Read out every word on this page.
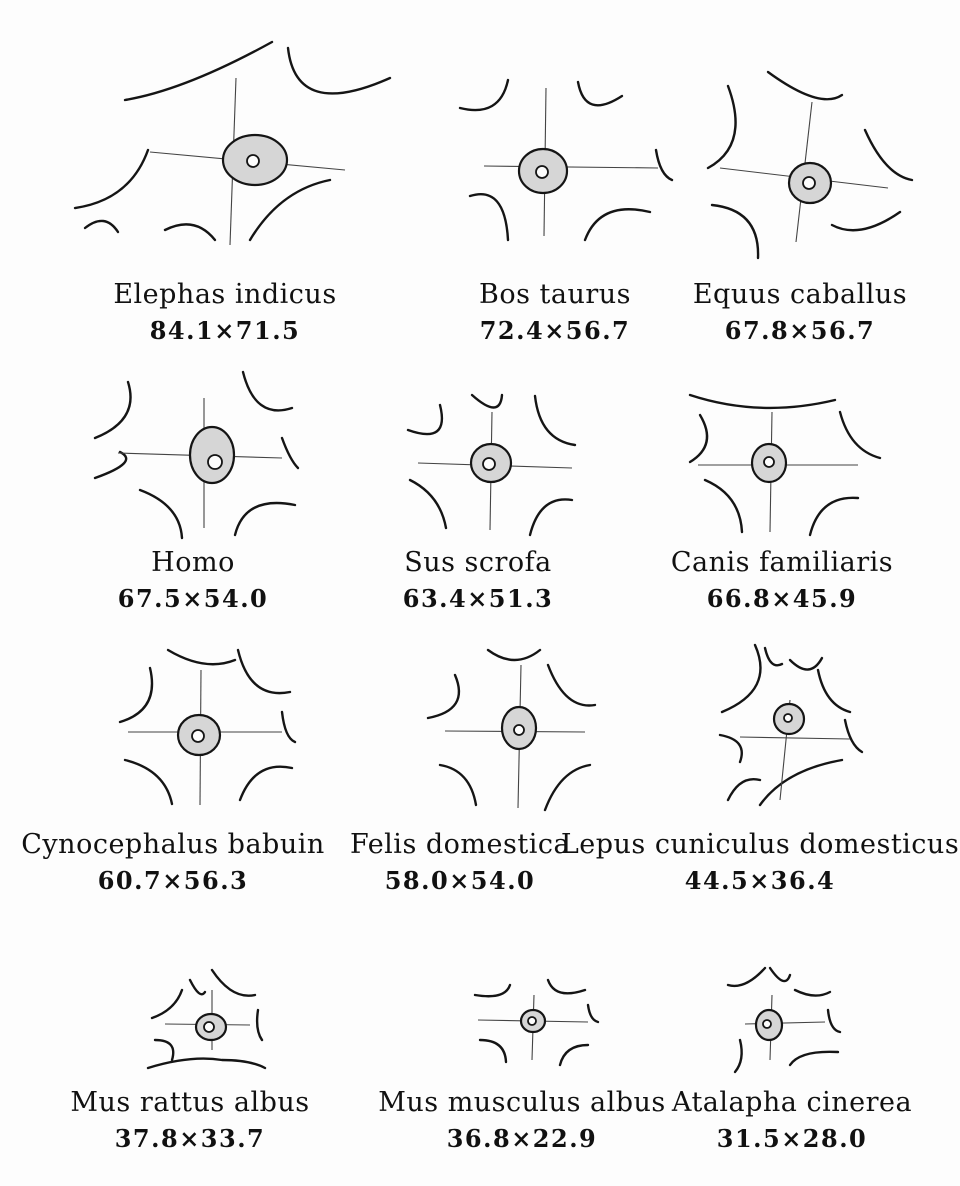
Elephas indicus
84.1×71.5
Bos taurus
72.4×56.7
Equus caballus
67.8×56.7
Homo
67.5×54.0
Sus scrofa
63.4×51.3
Canis familiaris
66.8×45.9
Cynocephalus babuin
60.7×56.3
Felis domestica
58.0×54.0
Lepus cuniculus domesticus
44.5×36.4
Mus rattus albus
37.8×33.7
Mus musculus albus
36.8×22.9
Atalapha cinerea
31.5×28.0
